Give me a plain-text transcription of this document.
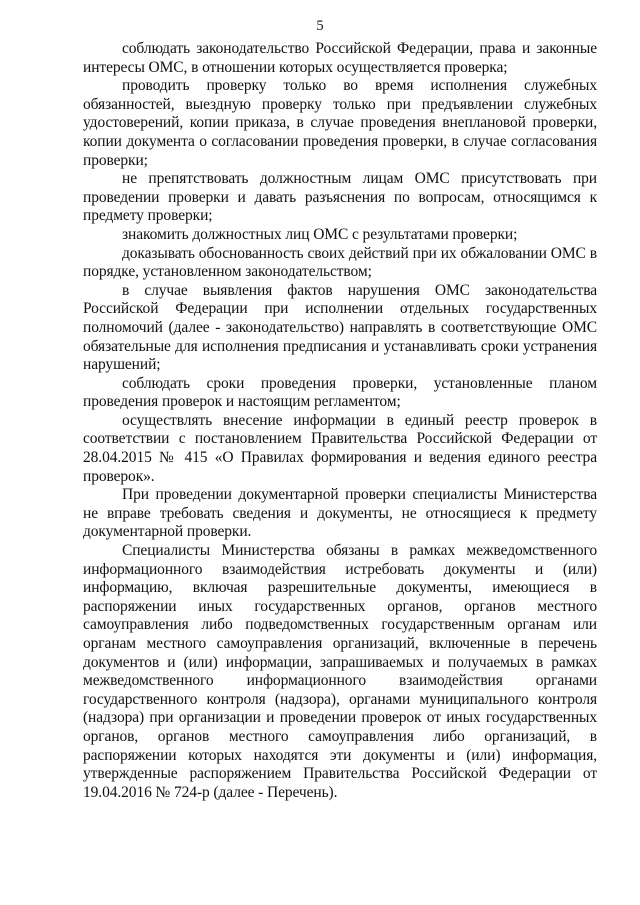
5

соблюдать законодательство Российской Федерации, права и законные интересы ОМС, в отношении которых осуществляется проверка;

проводить проверку только во время исполнения служебных обязанностей, выездную проверку только при предъявлении служебных удостоверений, копии приказа, в случае проведения внеплановой проверки, копии документа о согласовании проведения проверки, в случае согласования проверки;

не препятствовать должностным лицам ОМС присутствовать при проведении проверки и давать разъяснения по вопросам, относящимся к предмету проверки;

знакомить должностных лиц ОМС с результатами проверки;

доказывать обоснованность своих действий при их обжаловании ОМС в порядке, установленном законодательством;

в случае выявления фактов нарушения ОМС законодательства Российской Федерации при исполнении отдельных государственных полномочий (далее - законодательство) направлять в соответствующие ОМС обязательные для исполнения предписания и устанавливать сроки устранения нарушений;

соблюдать сроки проведения проверки, установленные планом проведения проверок и настоящим регламентом;

осуществлять внесение информации в единый реестр проверок в соответствии с постановлением Правительства Российской Федерации от 28.04.2015 № 415 «О Правилах формирования и ведения единого реестра проверок».

При проведении документарной проверки специалисты Министерства не вправе требовать сведения и документы, не относящиеся к предмету документарной проверки.

Специалисты Министерства обязаны в рамках межведомственного информационного взаимодействия истребовать документы и (или) информацию, включая разрешительные документы, имеющиеся в распоряжении иных государственных органов, органов местного самоуправления либо подведомственных государственным органам или органам местного самоуправления организаций, включенные в перечень документов и (или) информации, запрашиваемых и получаемых в рамках межведомственного информационного взаимодействия органами государственного контроля (надзора), органами муниципального контроля (надзора) при организации и проведении проверок от иных государственных органов, органов местного самоуправления либо организаций, в распоряжении которых находятся эти документы и (или) информация, утвержденные распоряжением Правительства Российской Федерации от 19.04.2016 № 724-р (далее - Перечень).
